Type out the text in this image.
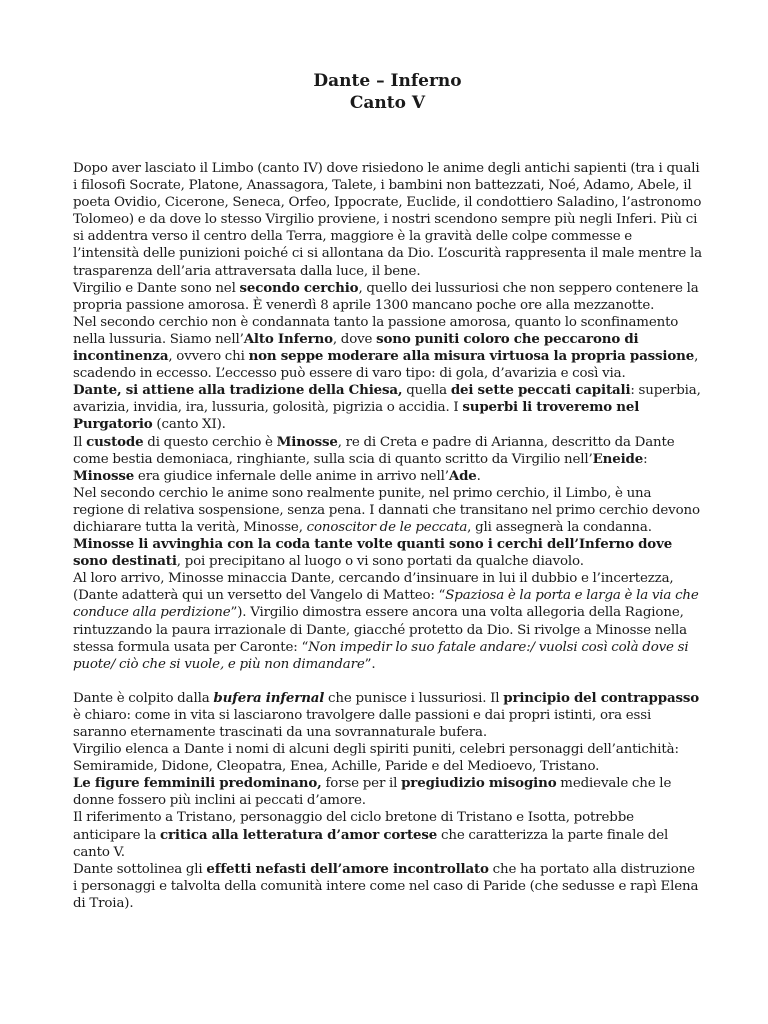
Dante – Inferno
Canto V

Dopo aver lasciato il Limbo (canto IV) dove risiedono le anime degli antichi sapienti (tra i quali i filosofi Socrate, Platone, Anassagora, Talete, i bambini non battezzati, Noé, Adamo, Abele, il poeta Ovidio, Cicerone, Seneca, Orfeo, Ippocrate, Euclide, il condottiero Saladino, l’astronomo Tolomeo) e da dove lo stesso Virgilio proviene, i nostri scendono sempre più negli Inferi. Più ci si addentra verso il centro della Terra, maggiore è la gravità delle colpe commesse e l’intensità delle punizioni poiché ci si allontana da Dio. L’oscurità rappresenta il male mentre la trasparenza dell’aria attraversata dalla luce, il bene.

Virgilio e Dante sono nel secondo cerchio, quello dei lussuriosi che non seppero contenere la propria passione amorosa. È venerdì 8 aprile 1300 mancano poche ore alla mezzanotte.

Nel secondo cerchio non è condannata tanto la passione amorosa, quanto lo sconfinamento nella lussuria. Siamo nell’Alto Inferno, dove sono puniti coloro che peccarono di incontinenza, ovvero chi non seppe moderare alla misura virtuosa la propria passione, scadendo in eccesso. L’eccesso può essere di varo tipo: di gola, d’avarizia e così via.

Dante, si attiene alla tradizione della Chiesa, quella dei sette peccati capitali: superbia, avarizia, invidia, ira, lussuria, golosità, pigrizia o accidia. I superbi li troveremo nel Purgatorio (canto XI).

Il custode di questo cerchio è Minosse, re di Creta e padre di Arianna, descritto da Dante come bestia demoniaca, ringhiante, sulla scia di quanto scritto da Virgilio nell’Eneide: Minosse era giudice infernale delle anime in arrivo nell’Ade.

Nel secondo cerchio le anime sono realmente punite, nel primo cerchio, il Limbo, è una regione di relativa sospensione, senza pena. I dannati che transitano nel primo cerchio devono dichiarare tutta la verità, Minosse, conoscitor de le peccata, gli assegnerà la condanna.

Minosse li avvinghia con la coda tante volte quanti sono i cerchi dell’Inferno dove sono destinati, poi precipitano al luogo o vi sono portati da qualche diavolo.

Al loro arrivo, Minosse minaccia Dante, cercando d’insinuare in lui il dubbio e l’incertezza, (Dante adatterà qui un versetto del Vangelo di Matteo: “Spaziosa è la porta e larga è la via che conduce alla perdizione”). Virgilio dimostra essere ancora una volta allegoria della Ragione, rintuzzando la paura irrazionale di Dante, giacché protetto da Dio. Si rivolge a Minosse nella stessa formula usata per Caronte: “Non impedir lo suo fatale andare:/ vuolsi così colà dove si puote/ ciò che si vuole, e più non dimandare”.

Dante è colpito dalla bufera infernal che punisce i lussuriosi. Il principio del contrappasso è chiaro: come in vita si lasciarono travolgere dalle passioni e dai propri istinti, ora essi saranno eternamente trascinati da una sovrannaturale bufera.

Virgilio elenca a Dante i nomi di alcuni degli spiriti puniti, celebri personaggi dell’antichità: Semiramide, Didone, Cleopatra, Enea, Achille, Paride e del Medioevo, Tristano.

Le figure femminili predominano, forse per il pregiudizio misogino medievale che le donne fossero più inclini ai peccati d’amore.

Il riferimento a Tristano, personaggio del ciclo bretone di Tristano e Isotta, potrebbe anticipare la critica alla letteratura d’amor cortese che caratterizza la parte finale del canto V.

Dante sottolinea gli effetti nefasti dell’amore incontrollato che ha portato alla distruzione i personaggi e talvolta della comunità intere come nel caso di Paride (che sedusse e rapì Elena di Troia).
